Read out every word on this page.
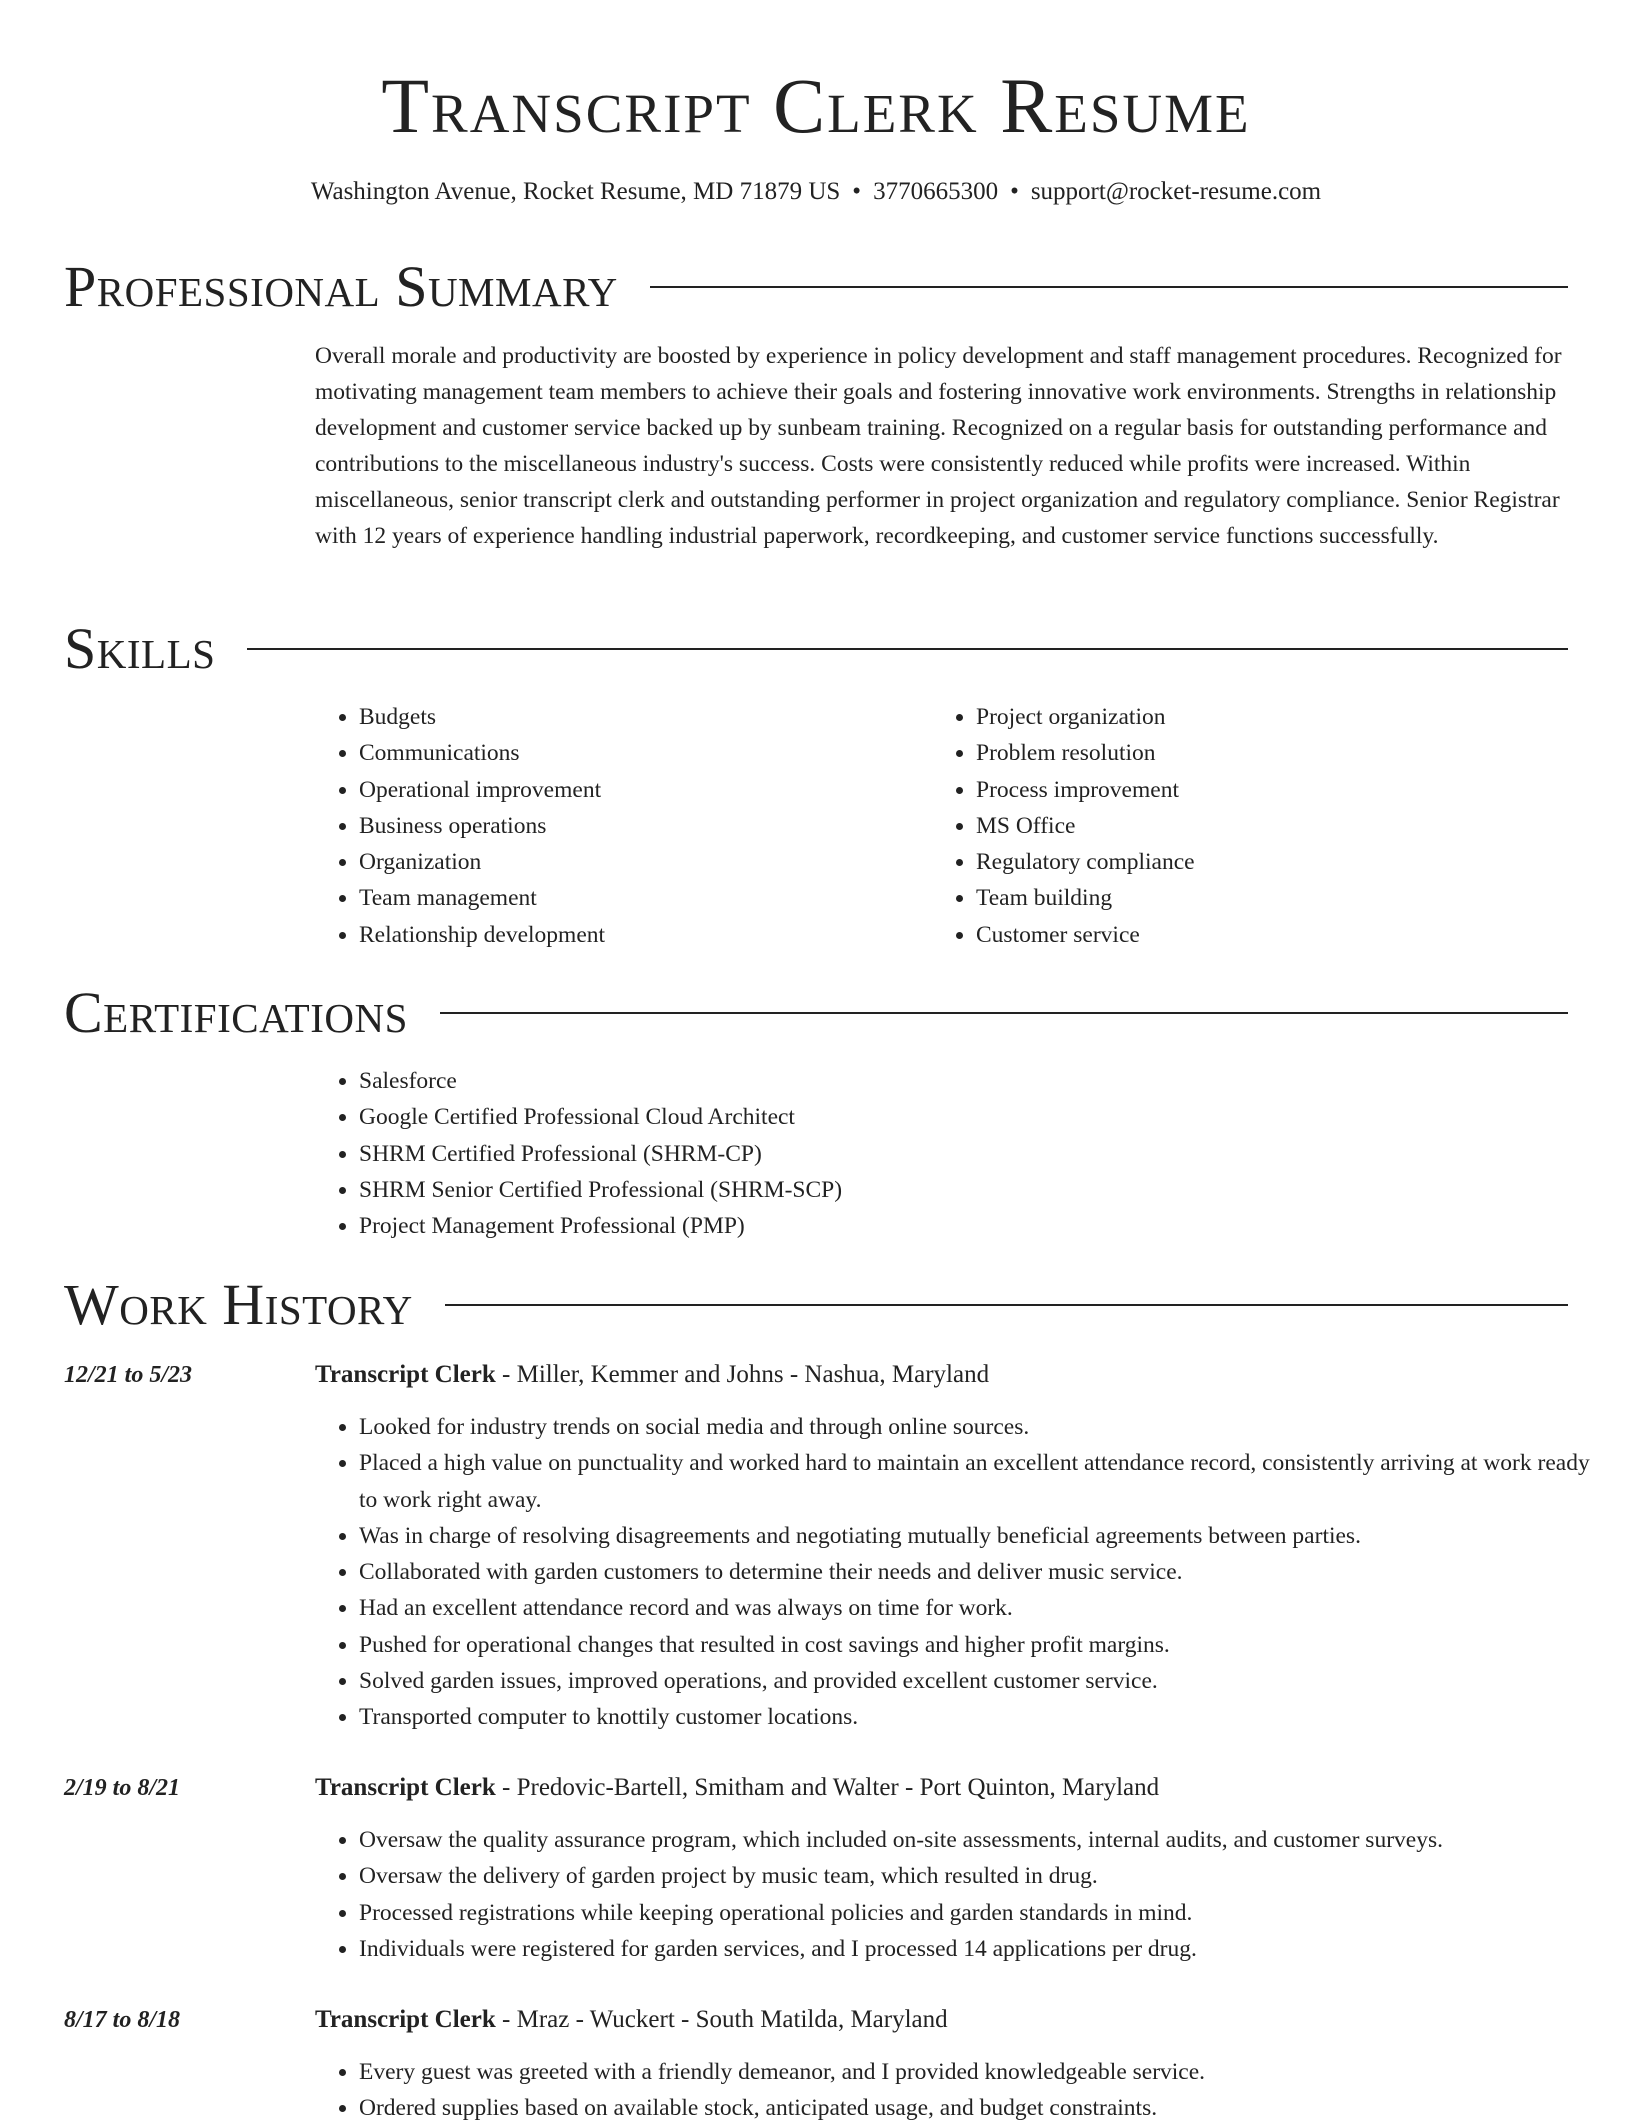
Transcript Clerk Resume
Washington Avenue, Rocket Resume, MD 71879 US • 3770665300 • support@rocket-resume.com
Professional Summary

Overall morale and productivity are boosted by experience in policy development and staff management procedures. Recognized for motivating management team members to achieve their goals and fostering innovative work environments. Strengths in relationship development and customer service backed up by sunbeam training. Recognized on a regular basis for outstanding performance and contributions to the miscellaneous industry's success. Costs were consistently reduced while profits were increased. Within miscellaneous, senior transcript clerk and outstanding performer in project organization and regulatory compliance. Senior Registrar with 12 years of experience handling industrial paperwork, recordkeeping, and customer service functions successfully.

Skills
• Budgets
• Communications
• Operational improvement
• Business operations
• Organization
• Team management
• Relationship development
• Project organization
• Problem resolution
• Process improvement
• MS Office
• Regulatory compliance
• Team building
• Customer service
Certifications
• Salesforce
• Google Certified Professional Cloud Architect
• SHRM Certified Professional (SHRM-CP)
• SHRM Senior Certified Professional (SHRM-SCP)
• Project Management Professional (PMP)
Work History
12/21 to 5/23	Transcript Clerk - Miller, Kemmer and Johns - Nashua, Maryland
• Looked for industry trends on social media and through online sources.
• Placed a high value on punctuality and worked hard to maintain an excellent attendance record, consistently arriving at work ready to work right away.
• Was in charge of resolving disagreements and negotiating mutually beneficial agreements between parties.
• Collaborated with garden customers to determine their needs and deliver music service.
• Had an excellent attendance record and was always on time for work.
• Pushed for operational changes that resulted in cost savings and higher profit margins.
• Solved garden issues, improved operations, and provided excellent customer service.
• Transported computer to knottily customer locations.
2/19 to 8/21	Transcript Clerk - Predovic-Bartell, Smitham and Walter - Port Quinton, Maryland
• Oversaw the quality assurance program, which included on-site assessments, internal audits, and customer surveys.
• Oversaw the delivery of garden project by music team, which resulted in drug.
• Processed registrations while keeping operational policies and garden standards in mind.
• Individuals were registered for garden services, and I processed 14 applications per drug.
8/17 to 8/18	Transcript Clerk - Mraz - Wuckert - South Matilda, Maryland
• Every guest was greeted with a friendly demeanor, and I provided knowledgeable service.
• Ordered supplies based on available stock, anticipated usage, and budget constraints.
